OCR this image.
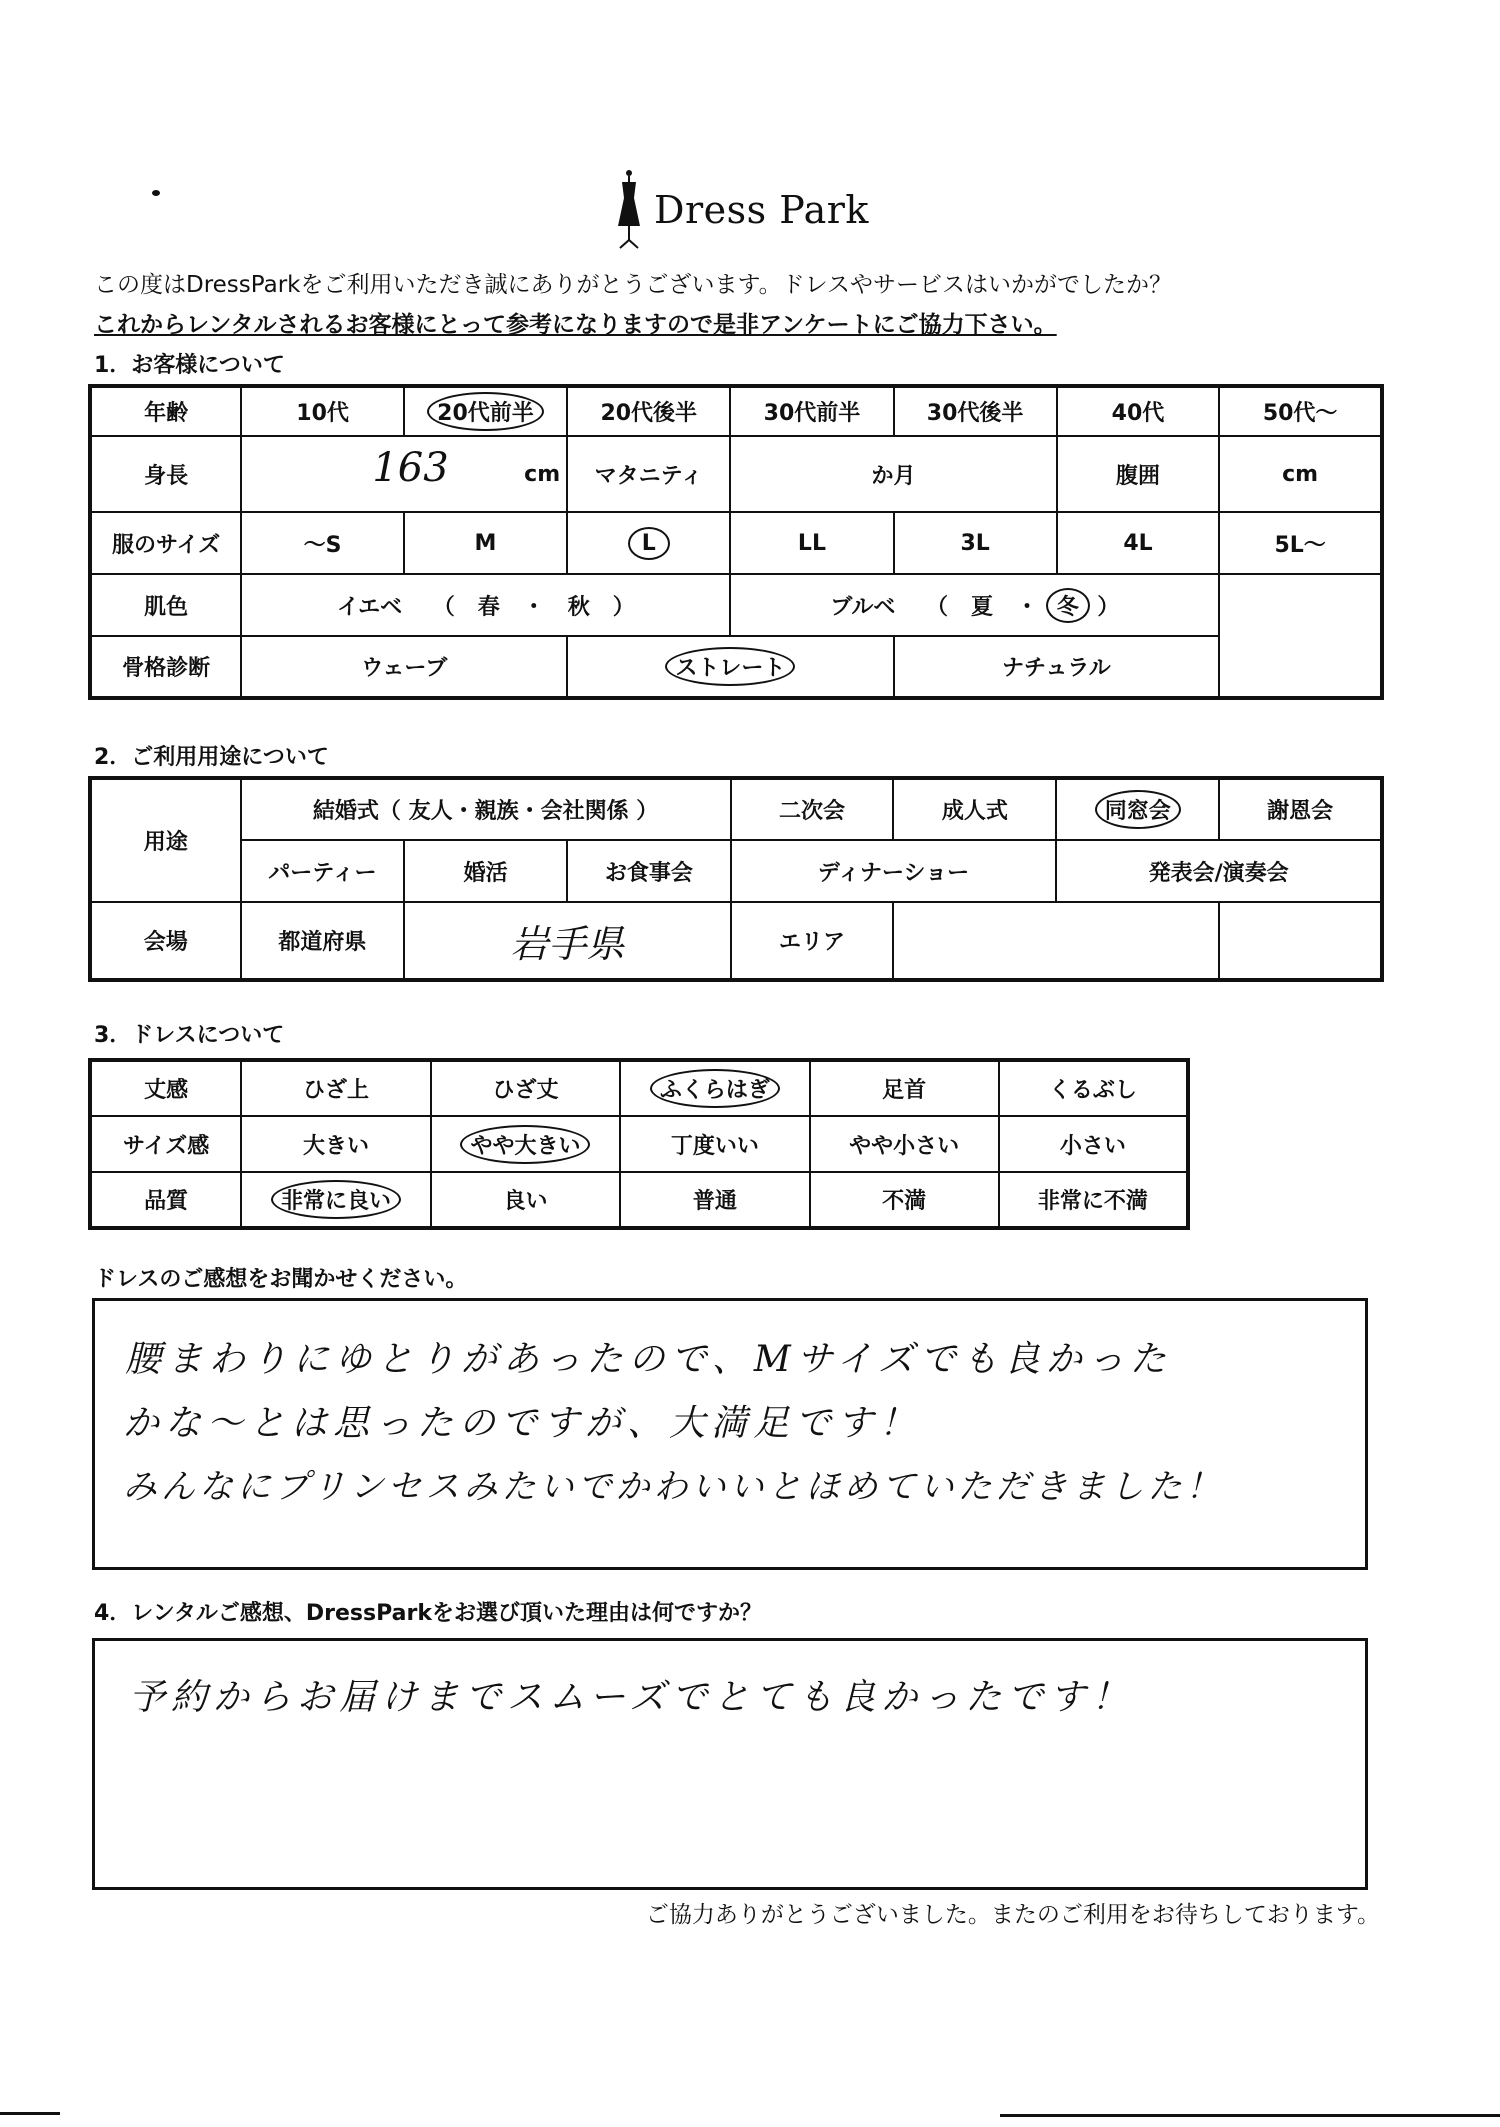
Dress Park
この度はDressParkをご利用いただき誠にありがとうございます。ドレスやサービスはいかがでしたか？
これからレンタルされるお客様にとって参考になりますので是非アンケートにご協力下さい。
1．お客様について
年齢	10代	20代前半	20代後半	30代前半	30代後半	40代	50代～
身長	163 cm		マタニティ	か月		腹囲	cm
服のサイズ	～S	M	L	LL	3L	4L	5L～
肌色	イエベ （ 春 ・ 秋 ）			ブルベ （ 夏 ・ 冬 ）			
骨格診断	ウェーブ		ストレート		ナチュラル		
2．ご利用用途について
用途	結婚式（ 友人・親族・会社関係 ）			二次会	成人式	同窓会	謝恩会
	パーティー	婚活	お食事会	ディナーショー		発表会/演奏会	
会場	都道府県	岩手県		エリア			
3．ドレスについて
丈感	ひざ上	ひざ丈	ふくらはぎ	足首	くるぶし
サイズ感	大きい	やや大きい	丁度いい	やや小さい	小さい
品質	非常に良い	良い	普通	不満	非常に不満
ドレスのご感想をお聞かせください。
腰まわりにゆとりがあったので、Mサイズでも良かった
みんなにプリンセスみたいでかわいいとほめていただきました！
かな～とは思ったのですが、大満足です！
4．レンタルご感想、DressParkをお選び頂いた理由は何ですか？
予約からお届けまでスムーズでとても良かったです！
ご協力ありがとうございました。またのご利用をお待ちしております。
